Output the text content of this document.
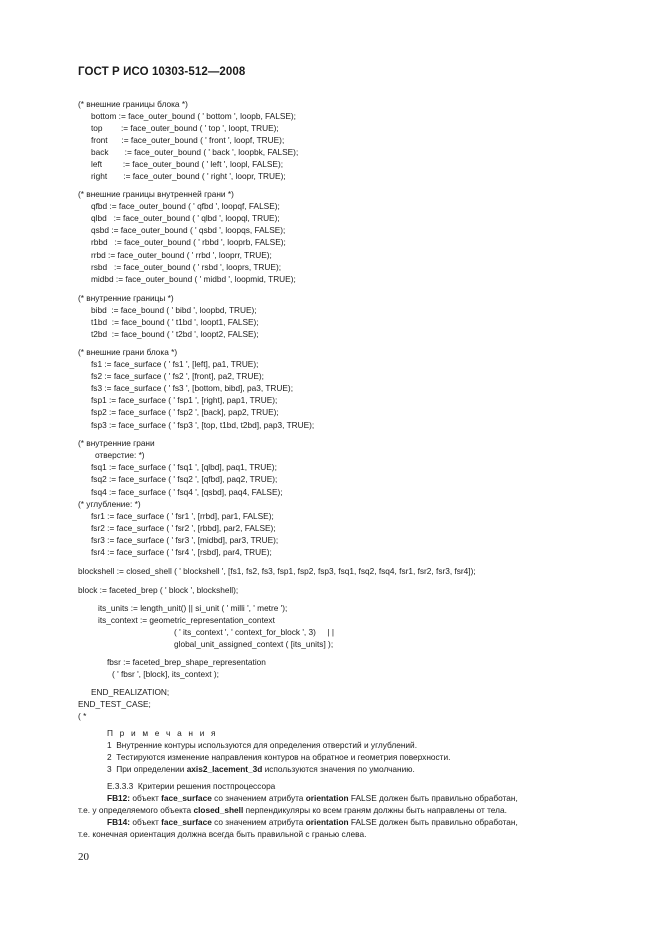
ГОСТ Р ИСО 10303-512—2008
(* внешние границы блока *)
bottom := face_outer_bound ( ' bottom ', loopb, FALSE);
top        := face_outer_bound ( ' top ', loopt, TRUE);
front      := face_outer_bound ( ' front ', loopf, TRUE);
back       := face_outer_bound ( ' back ', loopbk, FALSE);
left         := face_outer_bound ( ' left ', loopl, FALSE);
right       := face_outer_bound ( ' right ', loopr, TRUE);
(* внешние границы внутренней грани *)
qfbd := face_outer_bound ( ' qfbd ', loopqf, FALSE);
qlbd   := face_outer_bound ( ' qlbd ', loopql, TRUE);
qsbd := face_outer_bound ( ' qsbd ', loopqs, FALSE);
rbbd   := face_outer_bound ( ' rbbd ', looprb, FALSE);
rrbd := face_outer_bound ( ' rrbd ', looprr, TRUE);
rsbd   := face_outer_bound ( ' rsbd ', looprs, TRUE);
midbd := face_outer_bound ( ' midbd ', loopmid, TRUE);
(* внутренние границы *)
bibd  := face_bound ( ' bibd ', loopbd, TRUE);
t1bd  := face_bound ( ' t1bd ', loopt1, FALSE);
t2bd  := face_bound ( ' t2bd ', loopt2, FALSE);
(* внешние грани блока *)
fs1 := face_surface ( ' fs1 ', [left], pa1, TRUE);
fs2 := face_surface ( ' fs2 ', [front], pa2, TRUE);
fs3 := face_surface ( ' fs3 ', [bottom, bibd], pa3, TRUE);
fsp1 := face_surface ( ' fsp1 ', [right], pap1, TRUE);
fsp2 := face_surface ( ' fsp2 ', [back], pap2, TRUE);
fsp3 := face_surface ( ' fsp3 ', [top, t1bd, t2bd], pap3, TRUE);
(* внутренние грани
отверстие: *)
fsq1 := face_surface ( ' fsq1 ', [qlbd], paq1, TRUE);
fsq2 := face_surface ( ' fsq2 ', [qfbd], paq2, TRUE);
fsq4 := face_surface ( ' fsq4 ', [qsbd], paq4, FALSE);
(* углубление: *)
fsr1 := face_surface ( ' fsr1 ', [rrbd], par1, FALSE);
fsr2 := face_surface ( ' fsr2 ', [rbbd], par2, FALSE);
fsr3 := face_surface ( ' fsr3 ', [midbd], par3, TRUE);
fsr4 := face_surface ( ' fsr4 ', [rsbd], par4, TRUE);
blockshell := closed_shell ( ' blockshell ', [fs1, fs2, fs3, fsp1, fsp2, fsp3, fsq1, fsq2, fsq4, fsr1, fsr2, fsr3, fsr4]);
block := faceted_brep ( ' block ', blockshell);
its_units := length_unit() || si_unit ( ' milli ', ' metre ');
its_context := geometric_representation_context
( ' its_context ', ' context_for_block ', 3)     | |
global_unit_assigned_context ( [its_units] );
fbsr := faceted_brep_shape_representation
( ' fbsr ', [block], its_context );
END_REALIZATION;
END_TEST_CASE;
( *
П р и м е ч а н и я
1  Внутренние контуры используются для определения отверстий и углублений.
2  Тестируются изменение направления контуров на обратное и геометрия поверхности.
3  При определении axis2_lacement_3d используются значения по умолчанию.
Е.3.3.3  Критерии решения постпроцессора
FB12: объект face_surface со значением атрибута orientation FALSE должен быть правильно обработан,
т.е. у определяемого объекта closed_shell перпендикуляры ко всем граням должны быть направлены от тела.
FB14: объект face_surface со значением атрибута orientation FALSE должен быть правильно обработан,
т.е. конечная ориентация должна всегда быть правильной с гранью слева.
20
